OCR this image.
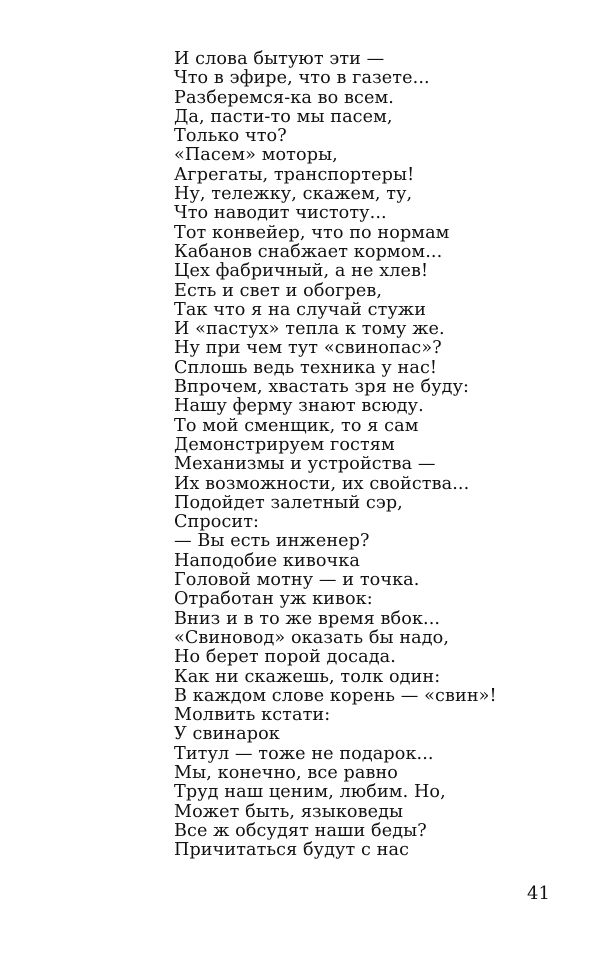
И слова бытуют эти —
Что в эфире, что в газете...
Разберемся-ка во всем.
Да, пасти-то мы пасем,
Только что?
«Пасем» моторы,
Агрегаты, транспортеры!
Ну, тележку, скажем, ту,
Что наводит чистоту...
Тот конвейер, что по нормам
Кабанов снабжает кормом...
Цех фабричный, а не хлев!
Есть и свет и обогрев,
Так что я на случай стужи
И «пастух» тепла к тому же.
Ну при чем тут «свинопас»?
Сплошь ведь техника у нас!
Впрочем, хвастать зря не буду:
Нашу ферму знают всюду.
То мой сменщик, то я сам
Демонстрируем гостям
Механизмы и устройства —
Их возможности, их свойства...
Подойдет залетный сэр,
Спросит:
— Вы есть инженер?
Наподобие кивочка
Головой мотну — и точка.
Отработан уж кивок:
Вниз и в то же время вбок...
«Свиновод» оказать бы надо,
Но берет порой досада.
Как ни скажешь, толк один:
В каждом слове корень — «свин»!
Молвить кстати:
У свинарок
Титул — тоже не подарок...
Мы, конечно, все равно
Труд наш ценим, любим. Но,
Может быть, языковеды
Все ж обсудят наши беды?
Причитаться будут с нас
41
